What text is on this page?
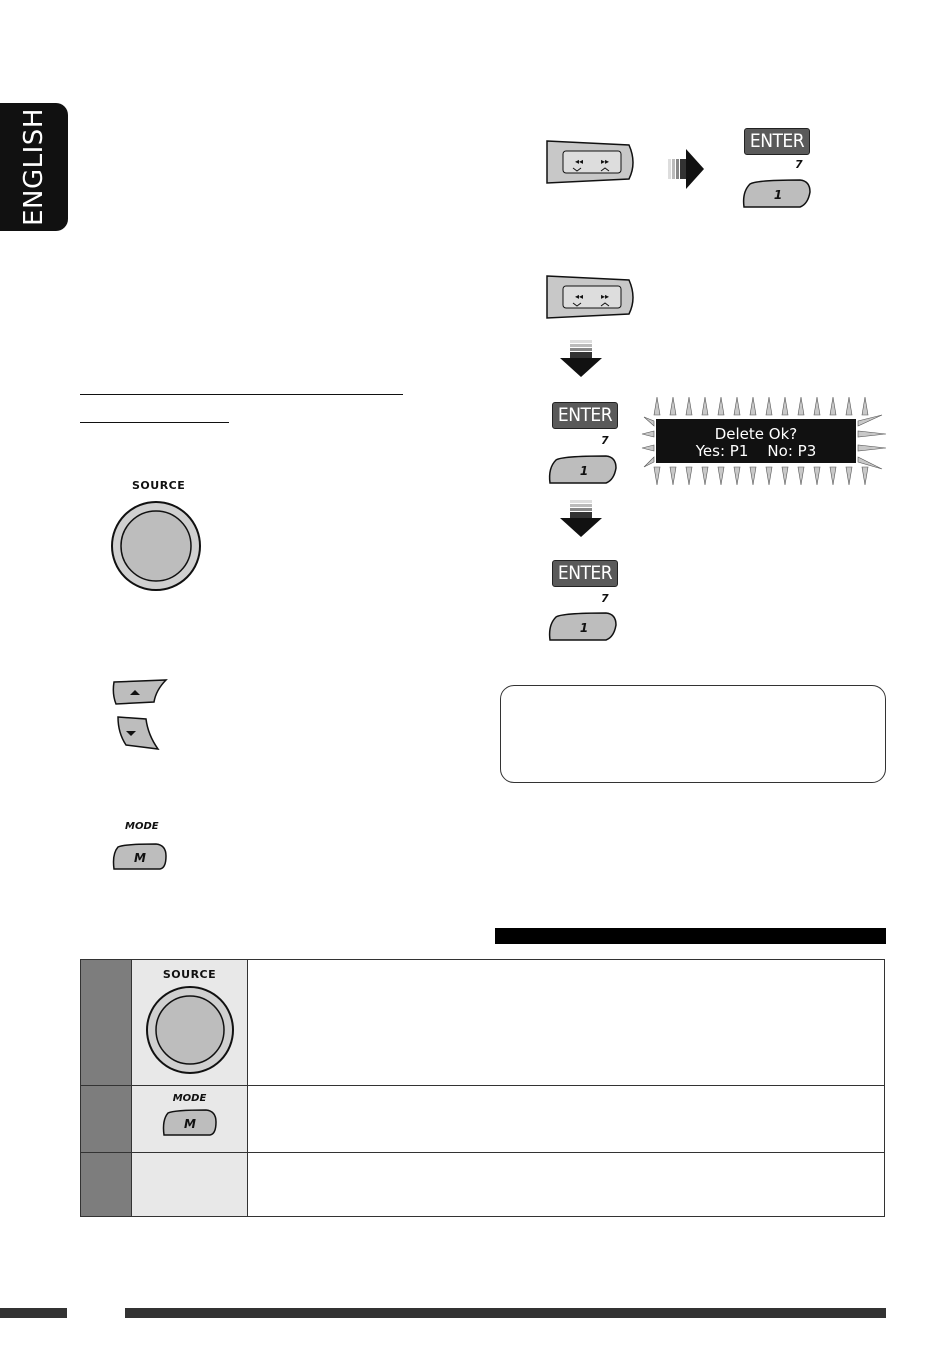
ENGLISH
SOURCE
MODE
M
◂◂ ▸▸
ENTER
7
1
◂◂ ▸▸
ENTER
7
1
Delete Ok?
Yes: P1    No: P3
ENTER
7
1

	SOURCE	

	MODE
M	
